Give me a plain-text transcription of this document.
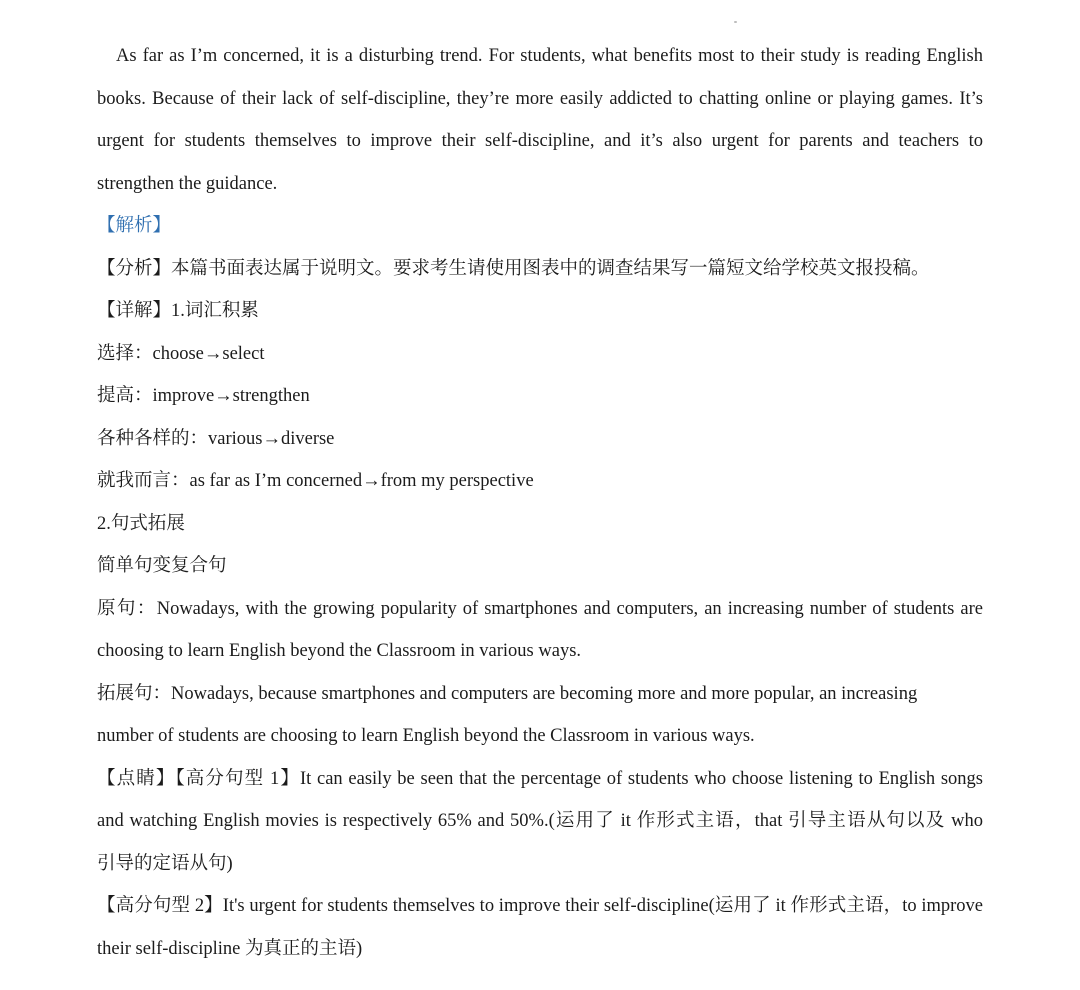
As far as I’m concerned, it is a disturbing trend. For students, what benefits most to their study is reading English
books. Because of their lack of self-discipline, they’re more easily addicted to chatting online or playing games. It’s
urgent for students themselves to improve their self-discipline, and it’s also urgent for parents and teachers to
strengthen the guidance.
【解析】
【分析】本篇书面表达属于说明文。要求考生请使用图表中的调查结果写一篇短文给学校英文报投稿。
【详解】1.词汇积累
选择：choose→select
提高：improve→strengthen
各种各样的：various→diverse
就我而言：as far as I’m concerned→from my perspective
2.句式拓展
简单句变复合句
原句：Nowadays, with the growing popularity of smartphones and computers, an increasing number of students are
choosing to learn English beyond the Classroom in various ways.
拓展句：Nowadays, because smartphones and computers are becoming more and more popular, an increasing
number of students are choosing to learn English beyond the Classroom in various ways.
【点睛】【高分句型 1】It can easily be seen that the percentage of students who choose listening to English songs
and watching English movies is respectively 65% and 50%.(运用了 it 作形式主语，that 引导主语从句以及 who
引导的定语从句)
【高分句型 2】It's urgent for students themselves to improve their self-discipline(运用了 it 作形式主语，to improve
their self-discipline 为真正的主语)
